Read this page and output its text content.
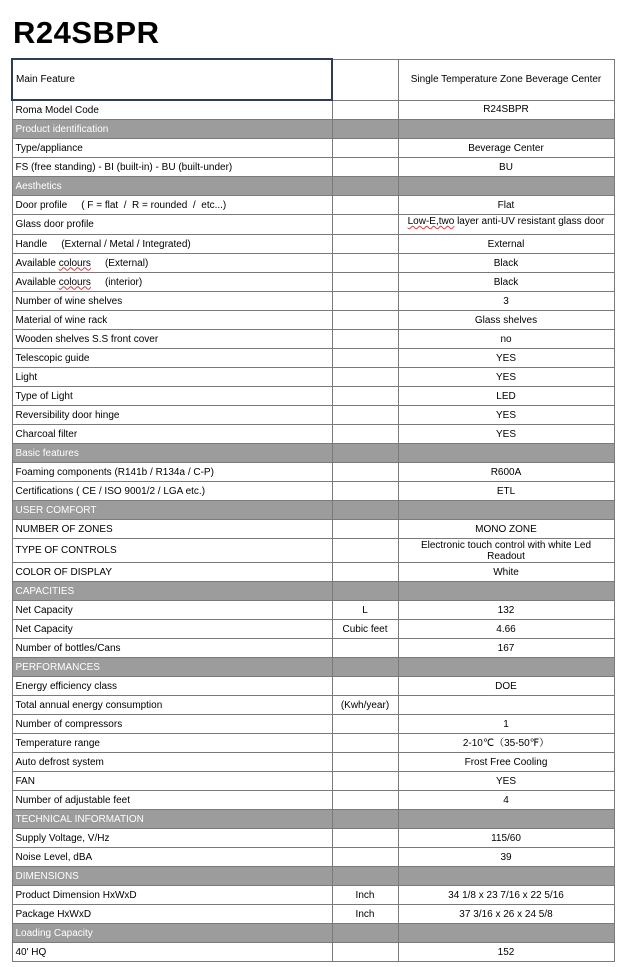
R24SBPR
Main Feature		Single Temperature Zone Beverage Center
Roma Model Code		R24SBPR
Product identification		
Type/appliance		Beverage Center
FS (free standing) - BI (built-in) - BU (built-under)		BU
Aesthetics		
Door profile ( F = flat  /  R = rounded  /  etc...)		Flat
Glass door profile		Low-E,two layer anti-UV resistant glass door
Handle (External / Metal / Integrated)		External
Available colours (External)		Black
Available colours (interior)		Black
Number of wine shelves		3
Material of wine rack		Glass shelves
Wooden shelves S.S front cover		no
Telescopic guide		YES
Light		YES
Type of Light		LED
Reversibility door hinge		YES
Charcoal filter		YES
Basic features		
Foaming components (R141b / R134a / C-P)		R600A
Certifications ( CE / ISO 9001/2 / LGA etc.)		ETL
USER COMFORT		
NUMBER OF ZONES		MONO ZONE
TYPE OF CONTROLS		Electronic touch control with white Led Readout
COLOR OF DISPLAY		White
CAPACITIES		
Net Capacity	L	132
Net Capacity	Cubic feet	4.66
Number of bottles/Cans		167
PERFORMANCES		
Energy efficiency class		DOE
Total annual energy consumption	(Kwh/year)	
Number of compressors		1
Temperature range		2-10℃（35-50℉）
Auto defrost system		Frost Free Cooling
FAN		YES
Number of adjustable feet		4
TECHNICAL INFORMATION		
Supply Voltage, V/Hz		115/60
Noise Level, dBA		39
DIMENSIONS		
Product Dimension HxWxD	Inch	34 1/8 x 23 7/16 x 22 5/16
Package HxWxD	Inch	37 3/16 x 26 x 24 5/8
Loading Capacity		
40' HQ		152
